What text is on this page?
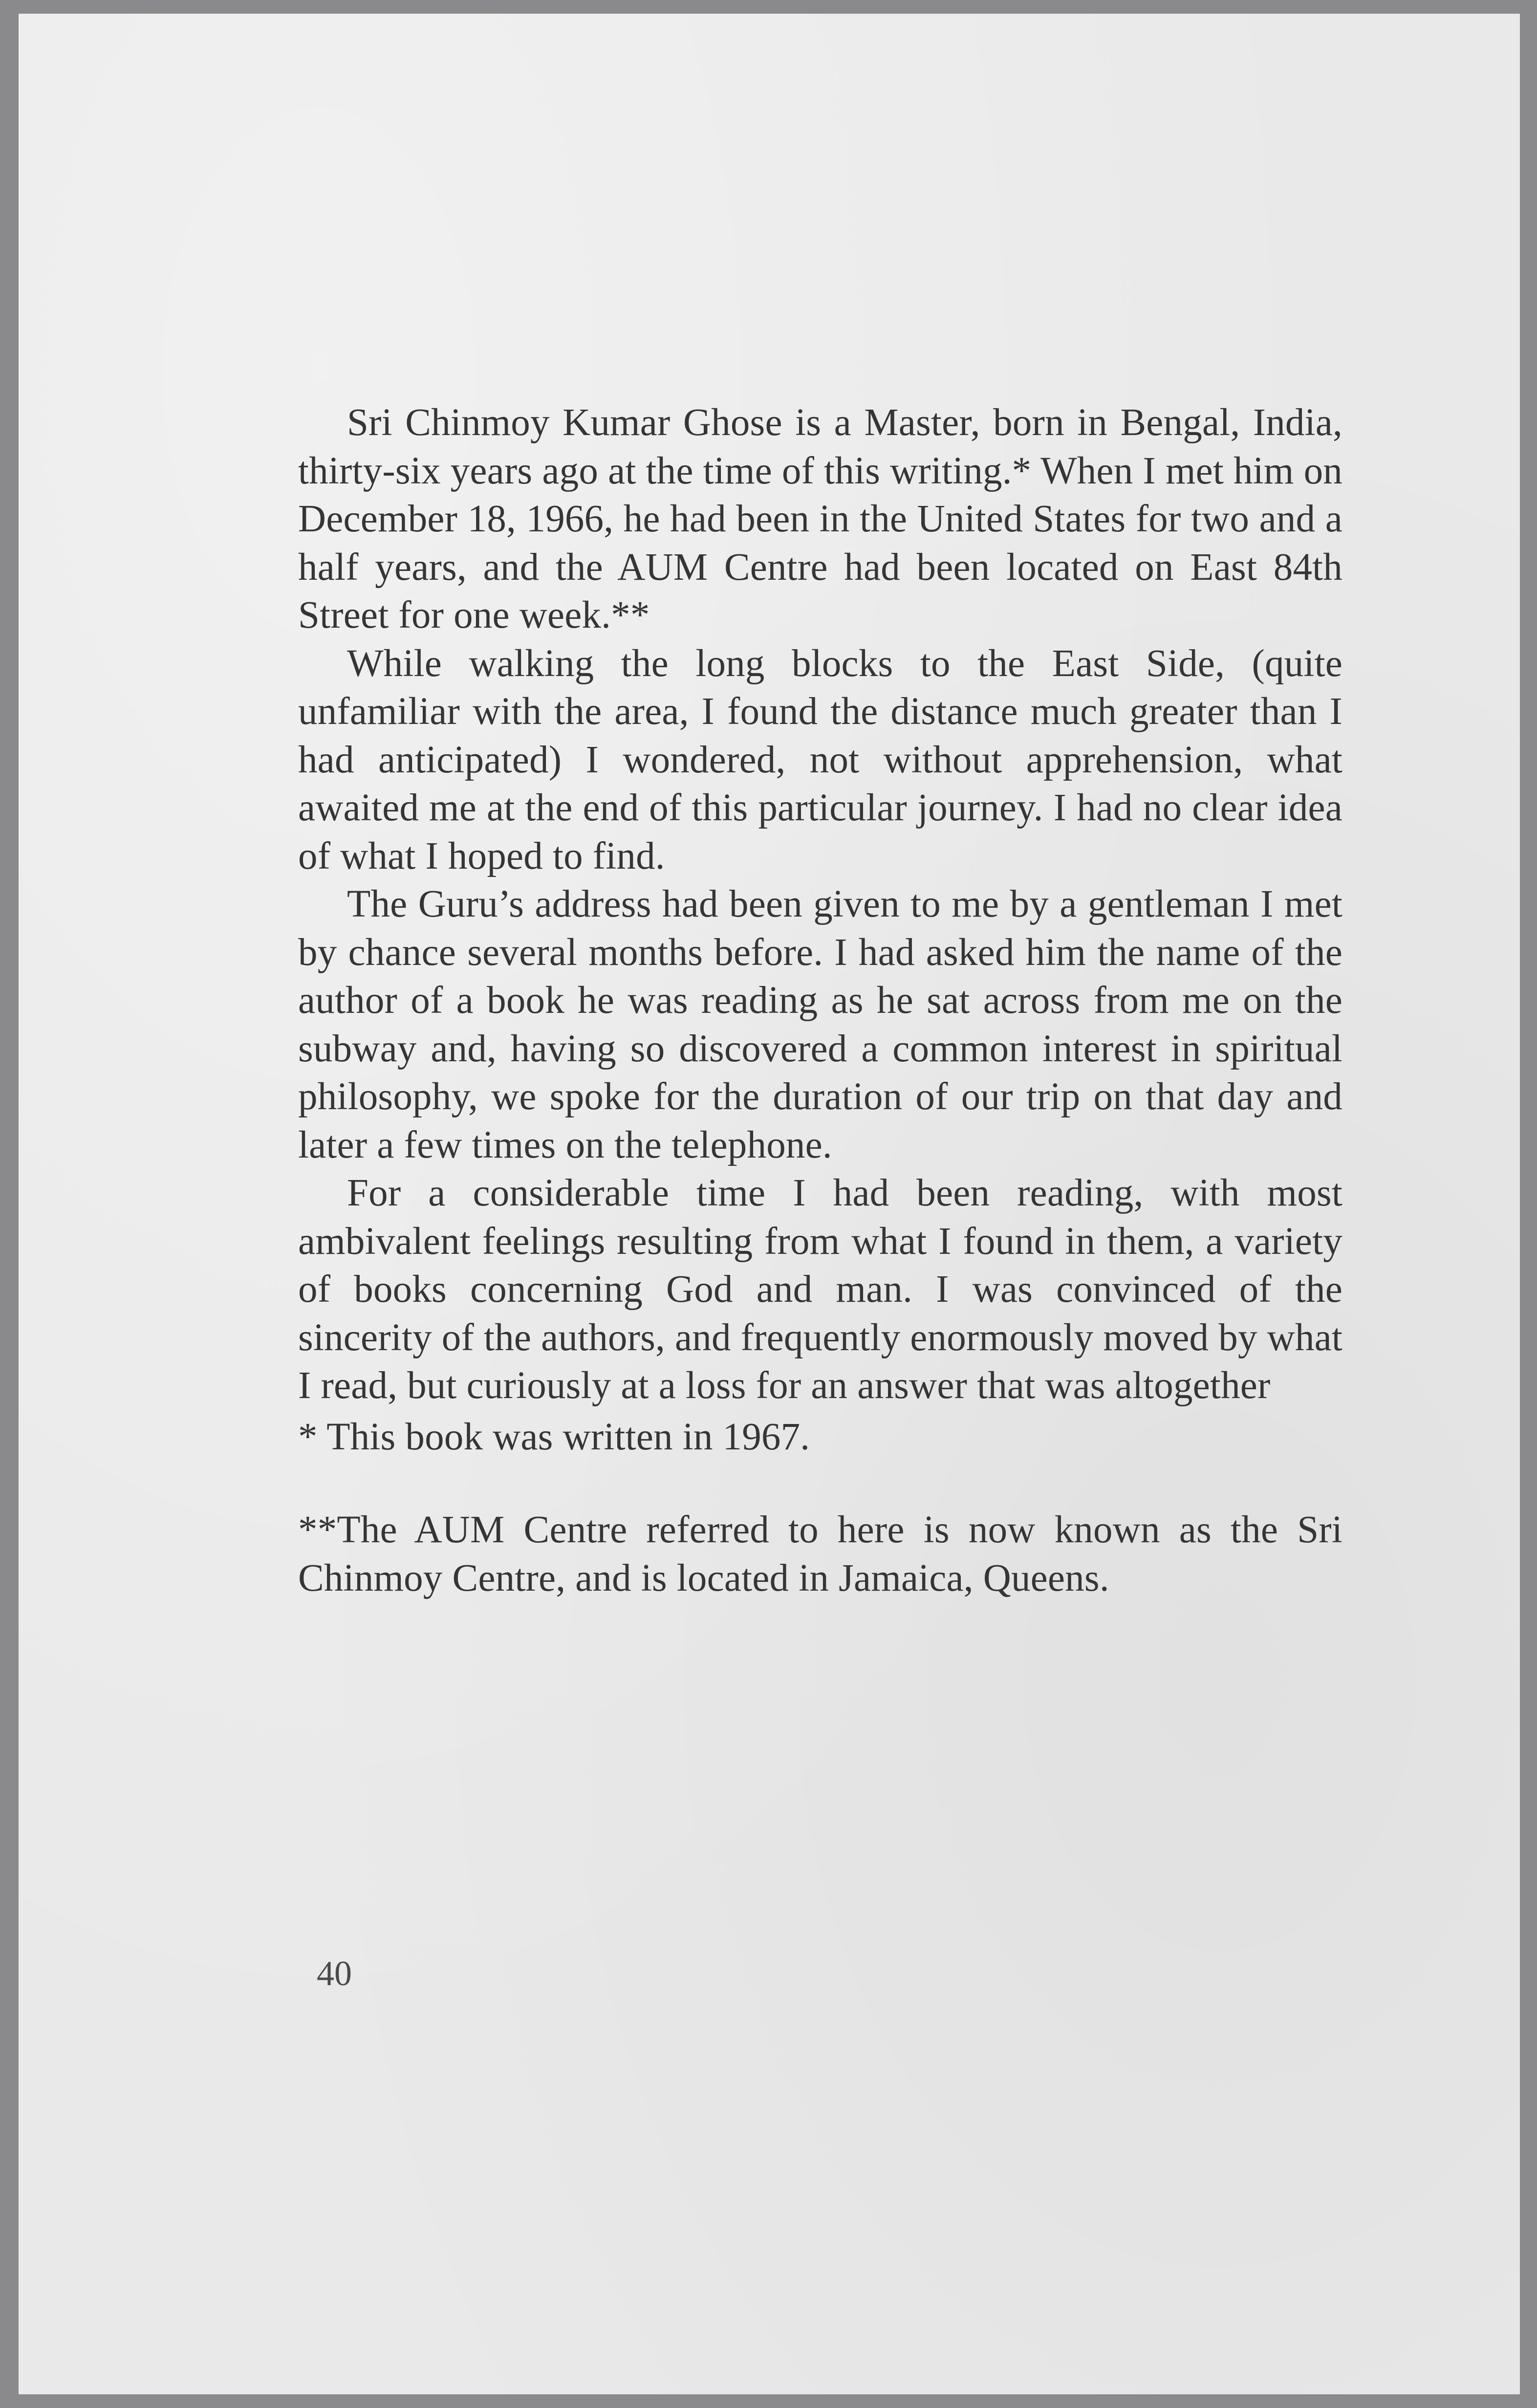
Sri Chinmoy Kumar Ghose is a Master, born in Bengal, India, thirty-six years ago at the time of this writing.* When I met him on December 18, 1966, he had been in the United States for two and a half years, and the AUM Centre had been located on East 84th Street for one week.**

While walking the long blocks to the East Side, (quite unfamiliar with the area, I found the distance much greater than I had anticipated) I wondered, not without apprehension, what awaited me at the end of this particular journey. I had no clear idea of what I hoped to find.

The Guru’s address had been given to me by a gentleman I met by chance several months before. I had asked him the name of the author of a book he was reading as he sat across from me on the subway and, having so discovered a common interest in spiritual philosophy, we spoke for the duration of our trip on that day and later a few times on the telephone.

For a considerable time I had been reading, with most ambivalent feelings resulting from what I found in them, a variety of books concerning God and man. I was convinced of the sincerity of the authors, and frequently enormously moved by what I read, but curiously at a loss for an answer that was altogether

* This book was written in 1967.

**The AUM Centre referred to here is now known as the Sri Chinmoy Centre, and is located in Jamaica, Queens.

40
